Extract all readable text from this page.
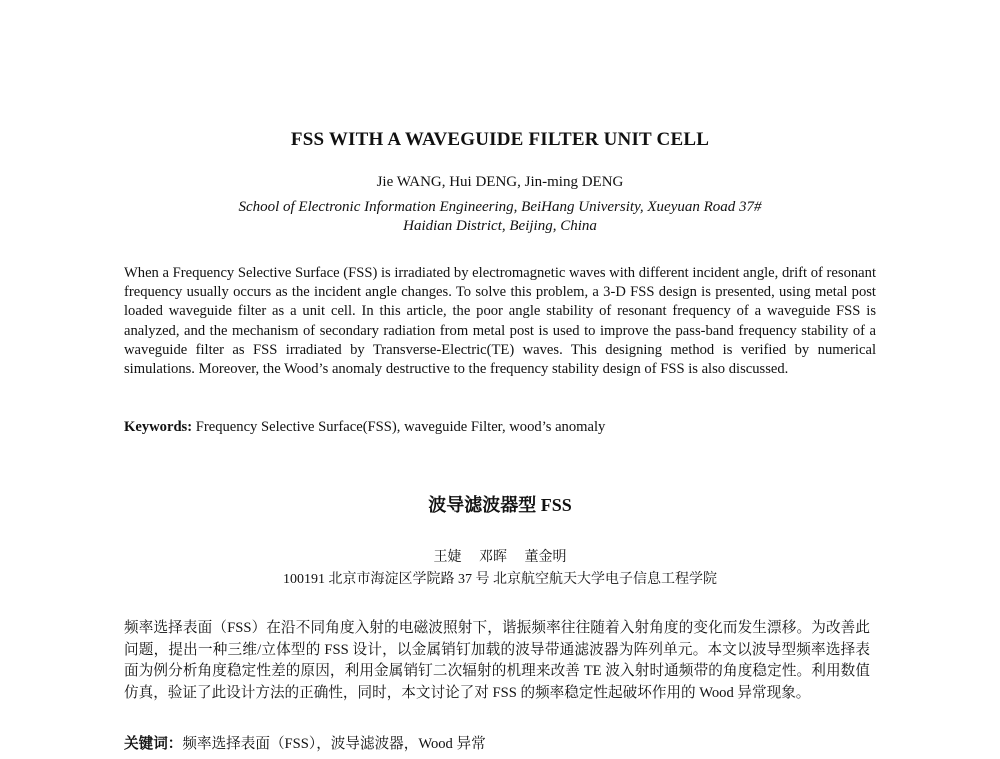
FSS WITH A WAVEGUIDE FILTER UNIT CELL
Jie WANG, Hui DENG, Jin-ming DENG
School of Electronic Information Engineering, BeiHang University, Xueyuan Road 37#
Haidian District, Beijing, China

When a Frequency Selective Surface (FSS) is irradiated by electromagnetic waves with different incident angle, drift of resonant frequency usually occurs as the incident angle changes. To solve this problem, a 3-D FSS design is presented, using metal post loaded waveguide filter as a unit cell. In this article, the poor angle stability of resonant frequency of a waveguide FSS is analyzed, and the mechanism of secondary radiation from metal post is used to improve the pass-band frequency stability of a waveguide filter as FSS irradiated by Transverse-Electric(TE) waves. This designing method is verified by numerical simulations. Moreover, the Wood’s anomaly destructive to the frequency stability design of FSS is also discussed.

Keywords: Frequency Selective Surface(FSS), waveguide Filter, wood’s anomaly
波导滤波器型 FSS
王婕 邓晖 董金明
100191 北京市海淀区学院路 37 号 北京航空航天大学电子信息工程学院

频率选择表面（FSS）在沿不同角度入射的电磁波照射下，谐振频率往往随着入射角度的变化而发生漂移。为改善此问题，提出一种三维/立体型的 FSS 设计，以金属销钉加载的波导带通滤波器为阵列单元。本文以波导型频率选择表面为例分析角度稳定性差的原因，利用金属销钉二次辐射的机理来改善 TE 波入射时通频带的角度稳定性。利用数值仿真，验证了此设计方法的正确性，同时，本文讨论了对 FSS 的频率稳定性起破坏作用的 Wood 异常现象。

关键词：频率选择表面（FSS），波导滤波器，Wood 异常
